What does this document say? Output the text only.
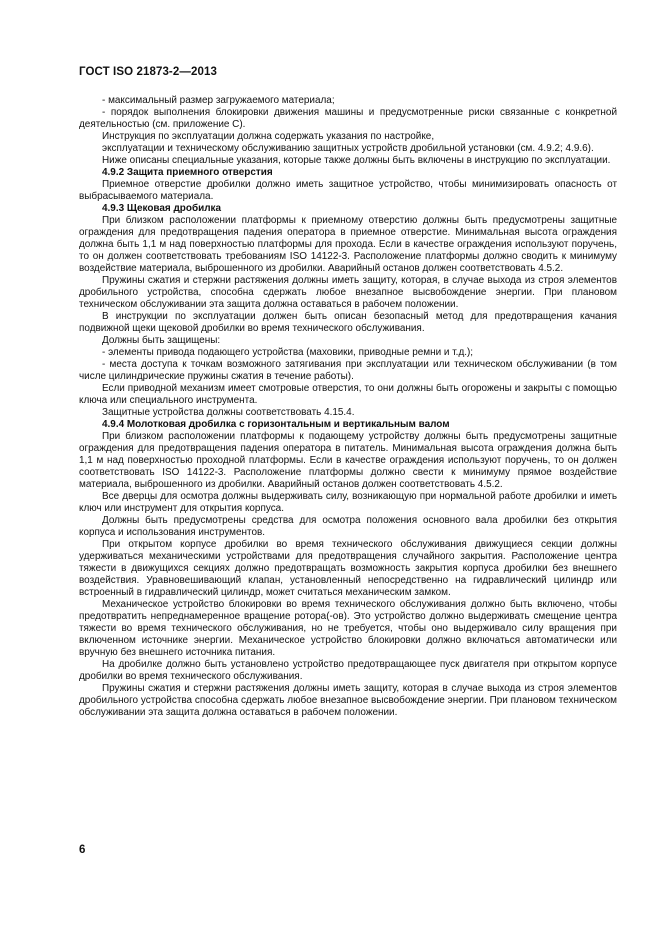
ГОСТ ISO 21873-2—2013

- максимальный размер загружаемого материала;

- порядок выполнения блокировки движения машины и предусмотренные риски связанные с конкретной деятельностью (см. приложение С).

Инструкция по эксплуатации должна содержать указания по настройке,

эксплуатации и техническому обслуживанию защитных устройств дробильной установки (см. 4.9.2; 4.9.6).

Ниже описаны специальные указания, которые также должны быть включены в инструкцию по эксплуатации.

4.9.2 Защита приемного отверстия

Приемное отверстие дробилки должно иметь защитное устройство, чтобы минимизировать опасность от выбрасываемого материала.

4.9.3 Щековая дробилка

При близком расположении платформы к приемному отверстию должны быть предусмотрены защитные ограждения для предотвращения падения оператора в приемное отверстие. Минимальная высота ограждения должна быть 1,1 м над поверхностью платформы для прохода. Если в качестве ограждения используют поручень, то он должен соответствовать требованиям ISO 14122-3. Расположение платформы должно сводить к минимуму воздействие материала, выброшенного из дробилки. Аварийный останов должен соответствовать 4.5.2.

Пружины сжатия и стержни растяжения должны иметь защиту, которая, в случае выхода из строя элементов дробильного устройства, способна сдержать любое внезапное высвобождение энергии. При плановом техническом обслуживании эта защита должна оставаться в рабочем положении.

В инструкции по эксплуатации должен быть описан безопасный метод для предотвращения качания подвижной щеки щековой дробилки во время технического обслуживания.

Должны быть защищены:

- элементы привода подающего устройства (маховики, приводные ремни и т.д.);

- места доступа к точкам возможного затягивания при эксплуатации или техническом обслуживании (в том числе цилиндрические пружины сжатия в течение работы).

Если приводной механизм имеет смотровые отверстия, то они должны быть огорожены и закрыты с помощью ключа или специального инструмента.

Защитные устройства должны соответствовать 4.15.4.

4.9.4 Молотковая дробилка с горизонтальным и вертикальным валом

При близком расположении платформы к подающему устройству должны быть предусмотрены защитные ограждения для предотвращения падения оператора в питатель. Минимальная высота ограждения должна быть 1,1 м над поверхностью проходной платформы. Если в качестве ограждения используют поручень, то он должен соответствовать ISO 14122-3. Расположение платформы должно свести к минимуму прямое воздействие материала, выброшенного из дробилки. Аварийный останов должен соответствовать 4.5.2.

Все дверцы для осмотра должны выдерживать силу, возникающую при нормальной работе дробилки и иметь ключ или инструмент для открытия корпуса.

Должны быть предусмотрены средства для осмотра положения основного вала дробилки без открытия корпуса и использования инструментов.

При открытом корпусе дробилки во время технического обслуживания движущиеся секции должны удерживаться механическими устройствами для предотвращения случайного закрытия. Расположение центра тяжести в движущихся секциях должно предотвращать возможность закрытия корпуса дробилки без внешнего воздействия. Уравновешивающий клапан, установленный непосредственно на гидравлический цилиндр или встроенный в гидравлический цилиндр, может считаться механическим замком.

Механическое устройство блокировки во время технического обслуживания должно быть включено, чтобы предотвратить непреднамеренное вращение ротора(-ов). Это устройство должно выдерживать смещение центра тяжести во время технического обслуживания, но не требуется, чтобы оно выдерживало силу вращения при включенном источнике энергии. Механическое устройство блокировки должно включаться автоматически или вручную без внешнего источника питания.

На дробилке должно быть установлено устройство предотвращающее пуск двигателя при открытом корпусе дробилки во время технического обслуживания.

Пружины сжатия и стержни растяжения должны иметь защиту, которая в случае выхода из строя элементов дробильного устройства способна сдержать любое внезапное высвобождение энергии. При плановом техническом обслуживании эта защита должна оставаться в рабочем положении.

6
